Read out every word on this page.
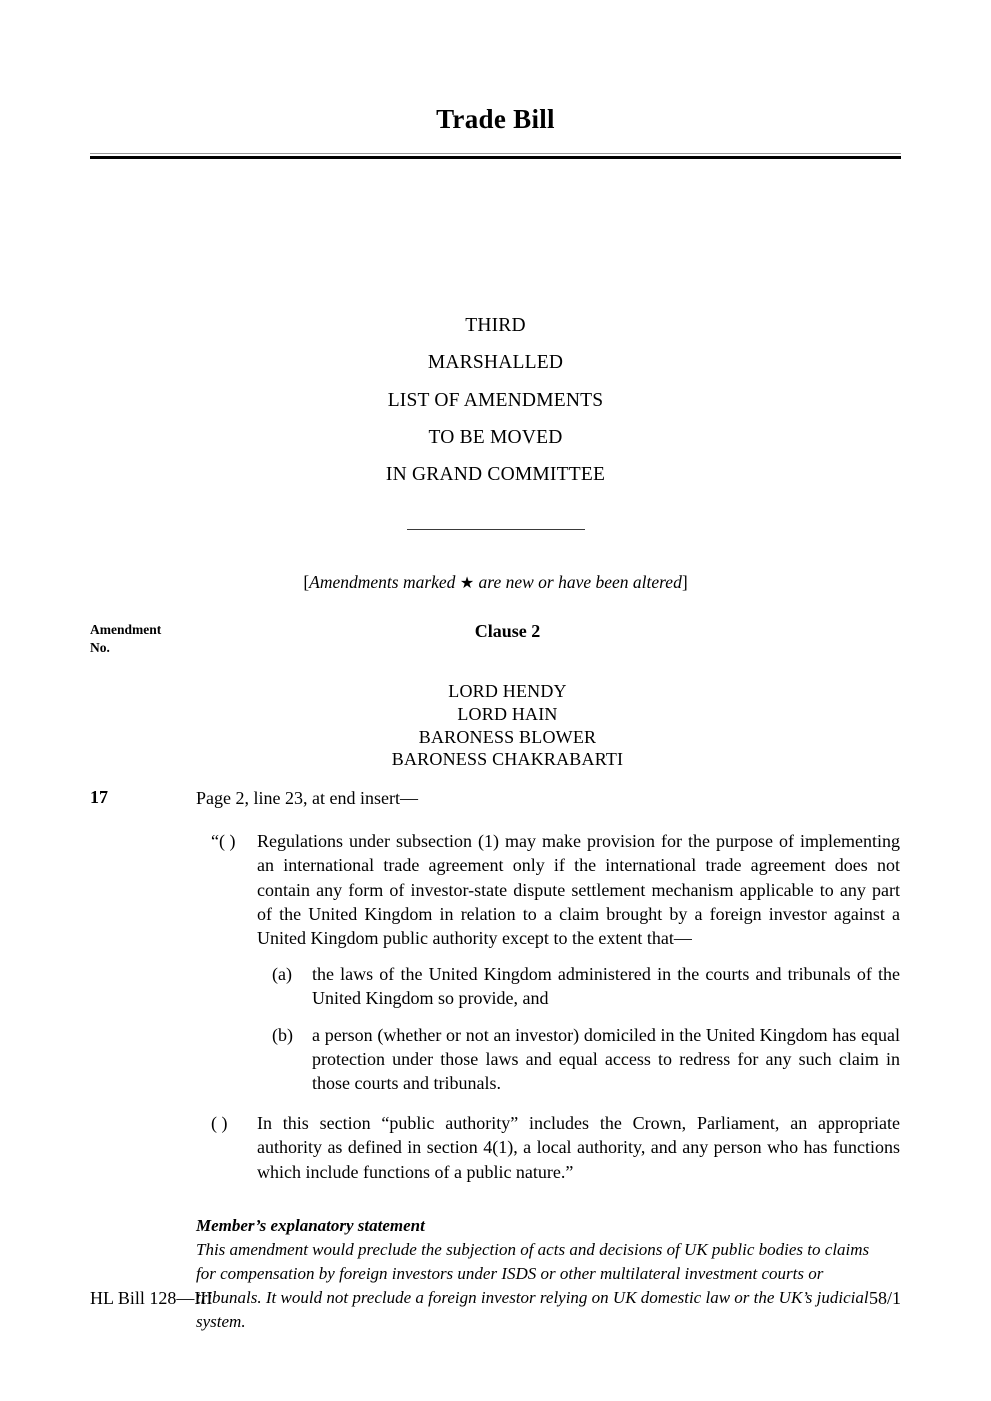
Trade Bill
THIRD
MARSHALLED
LIST OF AMENDMENTS
TO BE MOVED
IN GRAND COMMITTEE
[Amendments marked ★ are new or have been altered]
Amendment
No.
Clause 2
LORD HENDY
LORD HAIN
BARONESS BLOWER
BARONESS CHAKRABARTI
17	Page 2, line 23, at end insert—
“( )	Regulations under subsection (1) may make provision for the purpose of implementing an international trade agreement only if the international trade agreement does not contain any form of investor-state dispute settlement mechanism applicable to any part of the United Kingdom in relation to a claim brought by a foreign investor against a United Kingdom public authority except to the extent that—
(a)	the laws of the United Kingdom administered in the courts and tribunals of the United Kingdom so provide, and
(b)	a person (whether or not an investor) domiciled in the United Kingdom has equal protection under those laws and equal access to redress for any such claim in those courts and tribunals.
( )	In this section “public authority” includes the Crown, Parliament, an appropriate authority as defined in section 4(1), a local authority, and any person who has functions which include functions of a public nature.”
Member’s explanatory statement
This amendment would preclude the subjection of acts and decisions of UK public bodies to claims for compensation by foreign investors under ISDS or other multilateral investment courts or tribunals. It would not preclude a foreign investor relying on UK domestic law or the UK’s judicial system.
HL Bill 128—III	58/1
